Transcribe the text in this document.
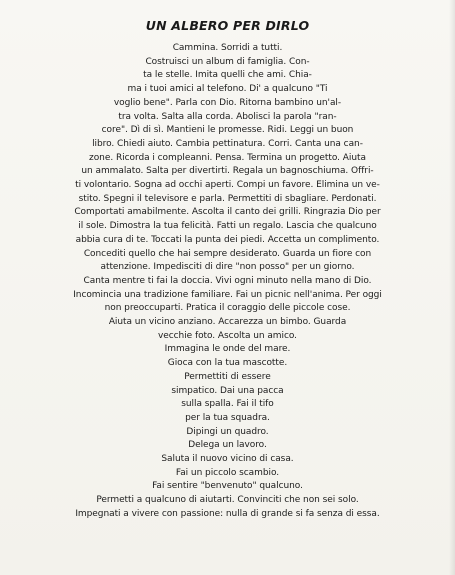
UN ALBERO PER DIRLO
Cammina. Sorridi a tutti.
Costruisci un album di famiglia. Con-
ta le stelle. Imita quelli che ami. Chia-
ma i tuoi amici al telefono. Di' a qualcuno "Ti
voglio bene". Parla con Dio. Ritorna bambino un'al-
tra volta. Salta alla corda. Abolisci la parola "ran-
core". Dì di sì. Mantieni le promesse. Ridi. Leggi un buon
libro. Chiedi aiuto. Cambia pettinatura. Corri. Canta una can-
zone. Ricorda i compleanni. Pensa. Termina un progetto. Aiuta
un ammalato. Salta per divertirti. Regala un bagnoschiuma. Offri-
ti volontario. Sogna ad occhi aperti. Compi un favore. Elimina un ve-
stito. Spegni il televisore e parla. Permettiti di sbagliare. Perdonati.
Comportati amabilmente. Ascolta il canto dei grilli. Ringrazia Dio per
il sole. Dimostra la tua felicità. Fatti un regalo. Lascia che qualcuno
abbia cura di te. Toccati la punta dei piedi. Accetta un complimento.
Concediti quello che hai sempre desiderato. Guarda un fiore con
attenzione. Impedisciti di dire "non posso" per un giorno.
Canta mentre ti fai la doccia. Vivi ogni minuto nella mano di Dio.
Incomincia una tradizione familiare. Fai un picnic nell'anima. Per oggi
non preoccuparti. Pratica il coraggio delle piccole cose.
Aiuta un vicino anziano. Accarezza un bimbo. Guarda
vecchie foto. Ascolta un amico.
Immagina le onde del mare.
Gioca con la tua mascotte.
Permettiti di essere
simpatico. Dai una pacca
sulla spalla. Fai il tifo
per la tua squadra.
Dipingi un quadro.
Delega un lavoro.
Saluta il nuovo vicino di casa.
Fai un piccolo scambio.
Fai sentire "benvenuto" qualcuno.
Permetti a qualcuno di aiutarti. Convinciti che non sei solo.
Impegnati a vivere con passione: nulla di grande si fa senza di essa.
